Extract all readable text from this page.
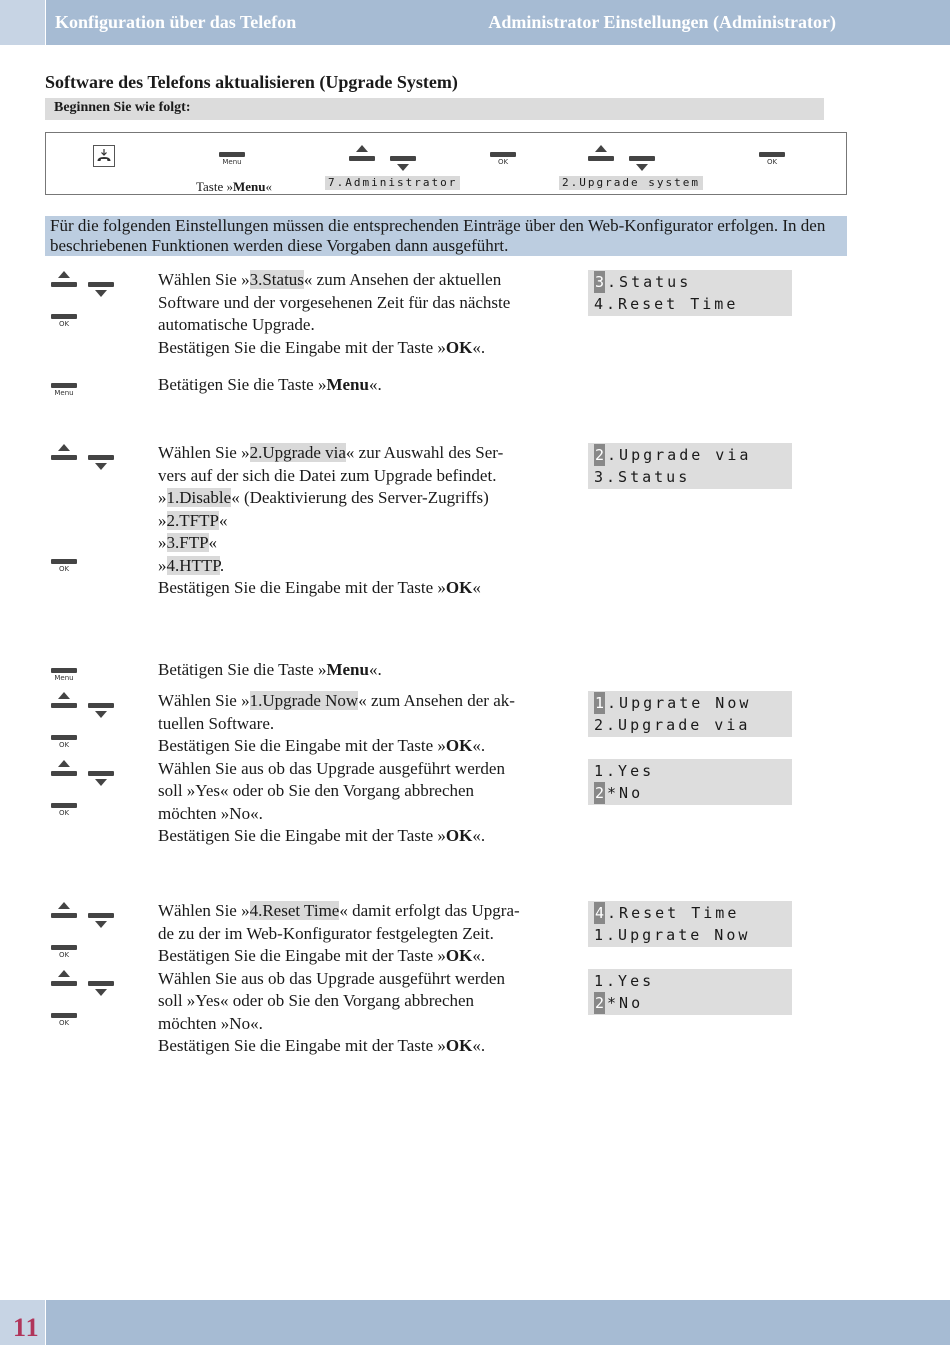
Konfiguration über das Telefon	Administrator Einstellungen (Administrator)
Software des Telefons aktualisieren (Upgrade System)
Beginnen Sie wie folgt:
Menu
Taste »Menu«	7.Administrator
OK
2.Upgrade system
OK
Für die folgenden Einstellungen müssen die entsprechenden Einträge über den Web-Konfigurator erfolgen. In den beschriebenen Funktionen werden diese Vorgaben dann ausgeführt.
OK
Wählen Sie »3.Status« zum Ansehen der aktuellen
Software und der vorgesehenen Zeit für das nächste
automatische Upgrade.
Bestätigen Sie die Eingabe mit der Taste »OK«.
3 .Status
4.Reset Time
Menu	Betätigen Sie die Taste »Menu«.
OK
Wählen Sie »2.Upgrade via« zur Auswahl des Ser-
vers auf der sich die Datei zum Upgrade befindet.
»1.Disable« (Deaktivierung des Server-Zugriffs)
»2.TFTP«
»3.FTP«
»4.HTTP.
Bestätigen Sie die Eingabe mit der Taste »OK«
2 .Upgrade via
3.Status
Menu	Betätigen Sie die Taste »Menu«.
OK
OK
Wählen Sie »1.Upgrade Now« zum Ansehen der ak-
tuellen Software.
Bestätigen Sie die Eingabe mit der Taste »OK«.
Wählen Sie aus ob das Upgrade ausgeführt werden
soll »Yes« oder ob Sie den Vorgang abbrechen
möchten »No«.
Bestätigen Sie die Eingabe mit der Taste »OK«.
1 .Upgrate Now
2.Upgrade via
1.Yes
2 *No
OK
OK
Wählen Sie »4.Reset Time« damit erfolgt das Upgra-
de zu der im Web-Konfigurator festgelegten Zeit.
Bestätigen Sie die Eingabe mit der Taste »OK«.
Wählen Sie aus ob das Upgrade ausgeführt werden
soll »Yes« oder ob Sie den Vorgang abbrechen
möchten »No«.
Bestätigen Sie die Eingabe mit der Taste »OK«.
4 .Reset Time
1.Upgrate Now
1.Yes
2 *No
11
